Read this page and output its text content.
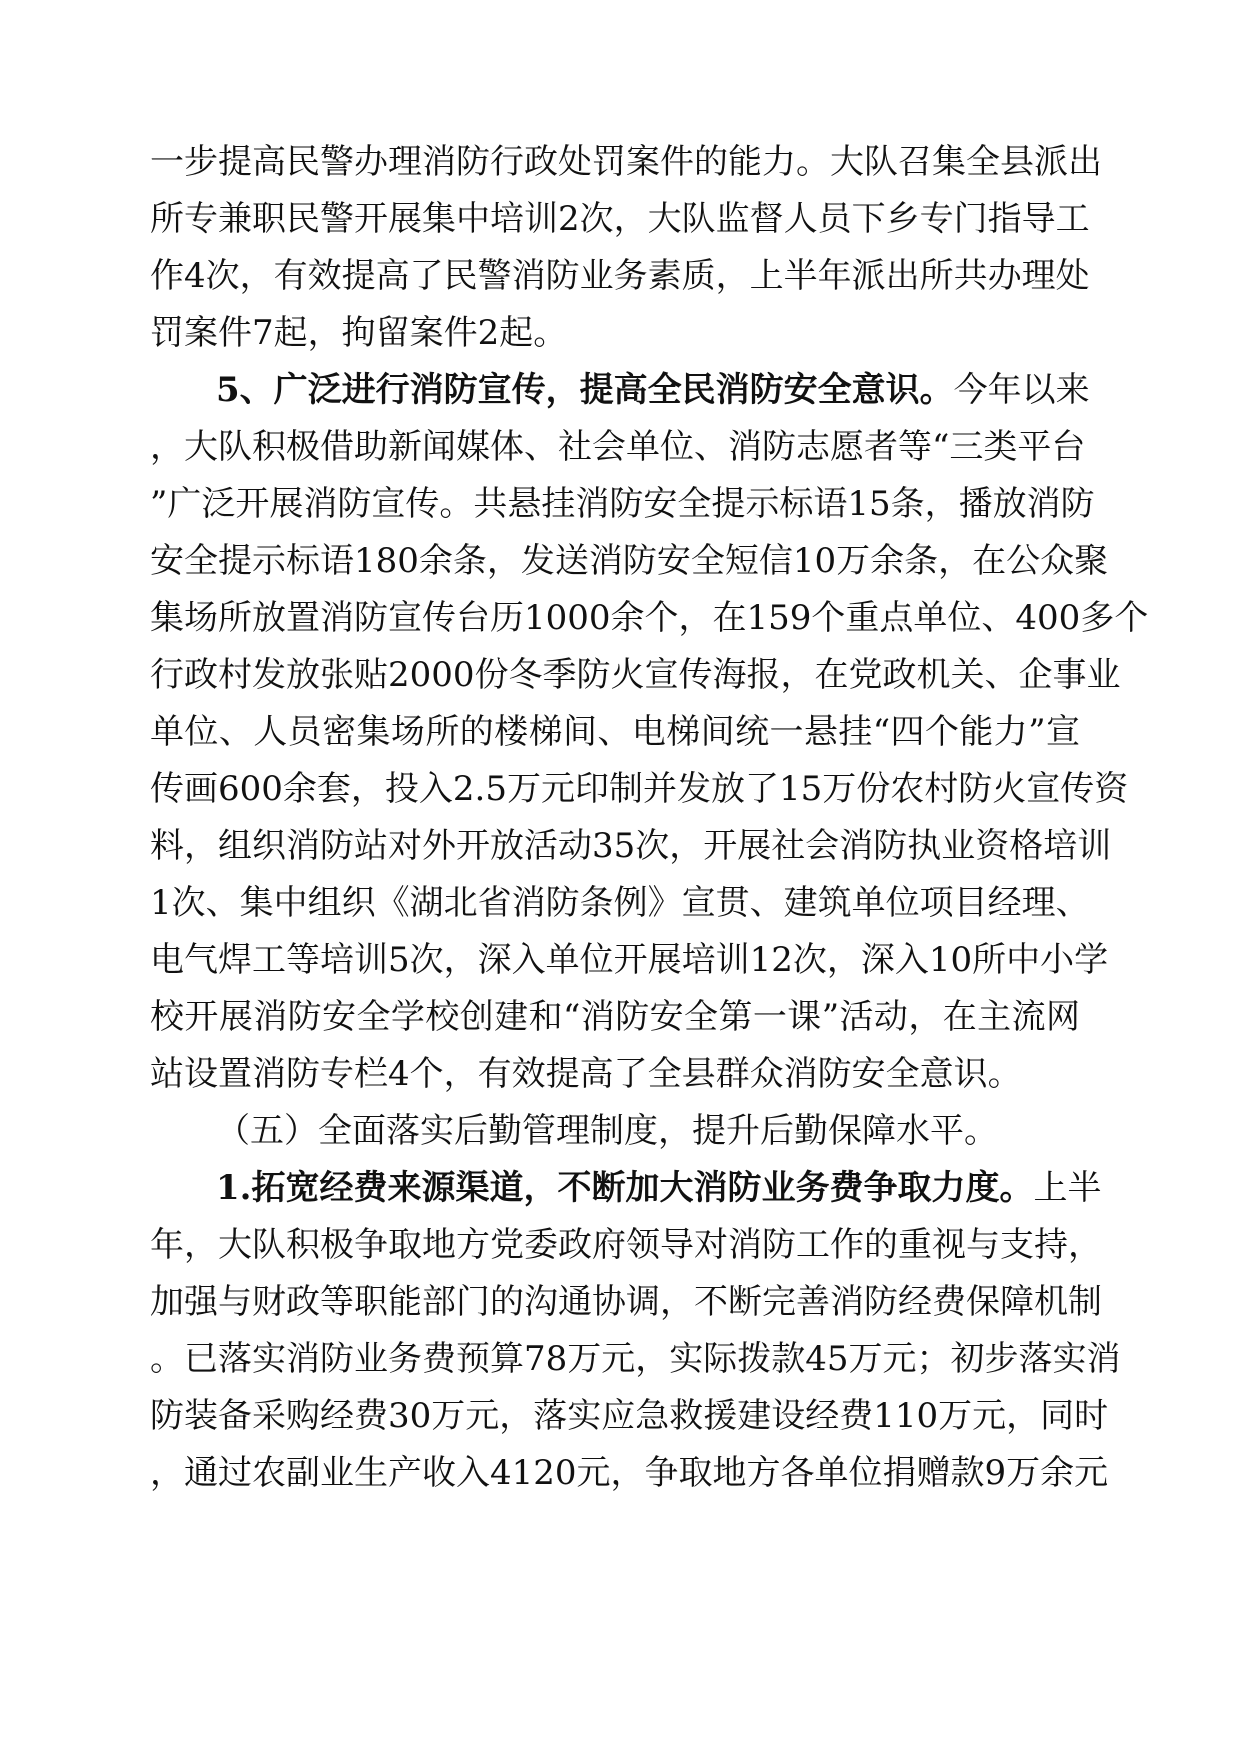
一步提高民警办理消防行政处罚案件的能力。大队召集全县派出
所专兼职民警开展集中培训2次，大队监督人员下乡专门指导工
作4次，有效提高了民警消防业务素质，上半年派出所共办理处
罚案件7起，拘留案件2起。
5、广泛进行消防宣传，提高全民消防安全意识。今年以来
，大队积极借助新闻媒体、社会单位、消防志愿者等“三类平台
”广泛开展消防宣传。共悬挂消防安全提示标语15条，播放消防
安全提示标语180余条，发送消防安全短信10万余条，在公众聚
集场所放置消防宣传台历1000余个，在159个重点单位、400多个
行政村发放张贴2000份冬季防火宣传海报，在党政机关、企事业
单位、人员密集场所的楼梯间、电梯间统一悬挂“四个能力”宣
传画600余套，投入2.5万元印制并发放了15万份农村防火宣传资
料，组织消防站对外开放活动35次，开展社会消防执业资格培训
1次、集中组织《湖北省消防条例》宣贯、建筑单位项目经理、
电气焊工等培训5次，深入单位开展培训12次，深入10所中小学
校开展消防安全学校创建和“消防安全第一课”活动，在主流网
站设置消防专栏4个，有效提高了全县群众消防安全意识。
（五）全面落实后勤管理制度，提升后勤保障水平。
1.拓宽经费来源渠道，不断加大消防业务费争取力度。上半
年，大队积极争取地方党委政府领导对消防工作的重视与支持，
加强与财政等职能部门的沟通协调，不断完善消防经费保障机制
。已落实消防业务费预算78万元，实际拨款45万元；初步落实消
防装备采购经费30万元，落实应急救援建设经费110万元，同时
，通过农副业生产收入4120元，争取地方各单位捐赠款9万余元
